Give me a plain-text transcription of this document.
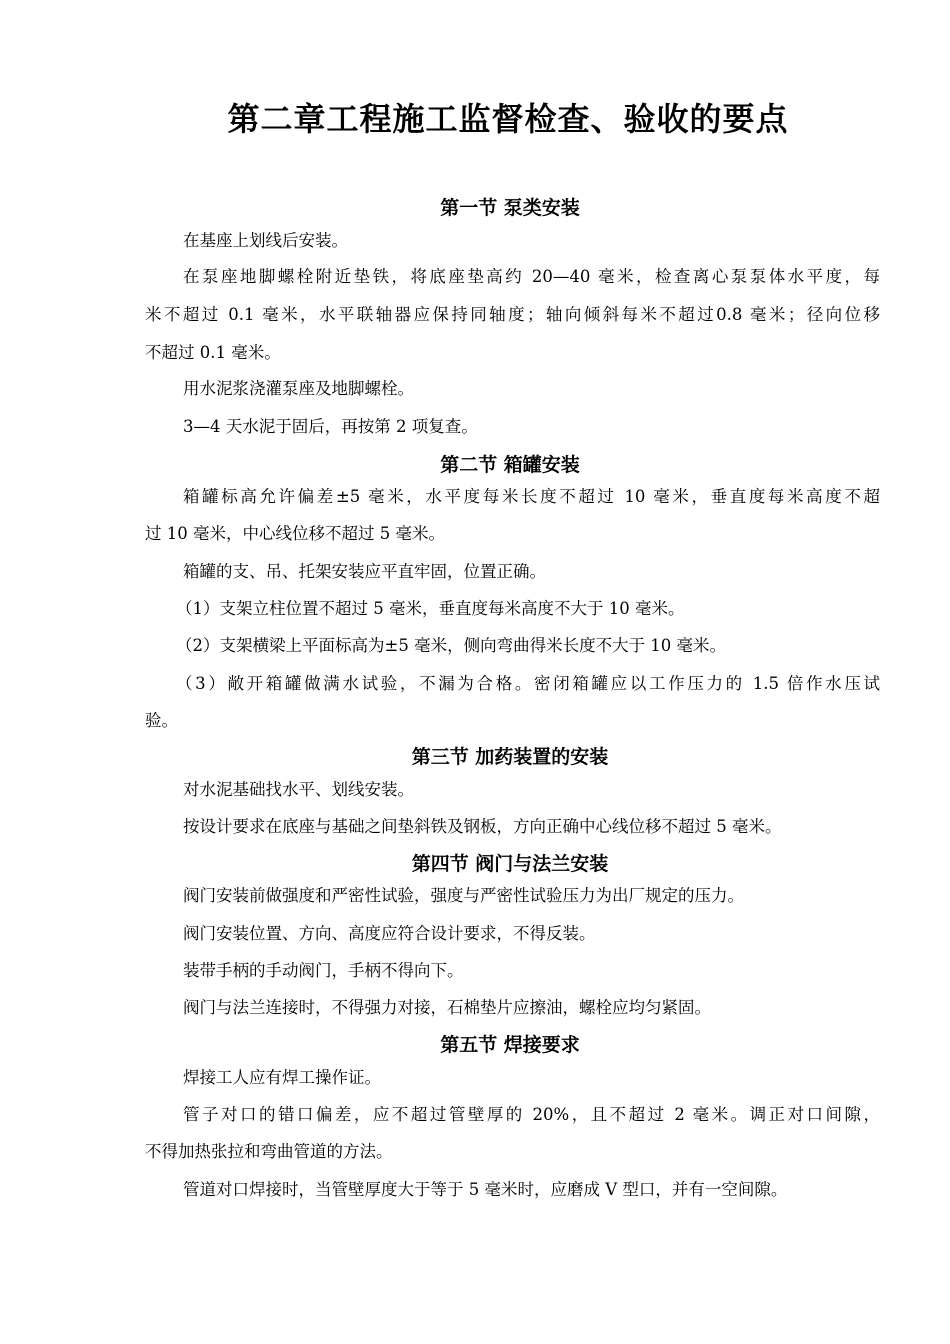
第二章工程施工监督检查、验收的要点
第一节 泵类安装
在基座上划线后安装。
在泵座地脚螺栓附近垫铁，将底座垫高约 20—40 毫米，检查离心泵泵体水平度，每
米不超过 0.1 毫米，水平联轴器应保持同轴度；轴向倾斜每米不超过0.8 毫米；径向位移
不超过 0.1 毫米。
用水泥浆浇灌泵座及地脚螺栓。
3—4 天水泥于固后，再按第 2 项复查。
第二节 箱罐安装
箱罐标高允许偏差±5 毫米，水平度每米长度不超过 10 毫米，垂直度每米高度不超
过 10 毫米，中心线位移不超过 5 毫米。
箱罐的支、吊、托架安装应平直牢固，位置正确。
（1）支架立柱位置不超过 5 毫米，垂直度每米高度不大于 10 毫米。
（2）支架横梁上平面标高为±5 毫米，侧向弯曲得米长度不大于 10 毫米。
（3）敞开箱罐做满水试验，不漏为合格。密闭箱罐应以工作压力的 1.5 倍作水压试
验。
第三节 加药装置的安装
对水泥基础找水平、划线安装。
按设计要求在底座与基础之间垫斜铁及钢板，方向正确中心线位移不超过 5 毫米。
第四节 阀门与法兰安装
阀门安装前做强度和严密性试验，强度与严密性试验压力为出厂规定的压力。
阀门安装位置、方向、高度应符合设计要求，不得反装。
装带手柄的手动阀门，手柄不得向下。
阀门与法兰连接时，不得强力对接，石棉垫片应擦油，螺栓应均匀紧固。
第五节 焊接要求
焊接工人应有焊工操作证。
管子对口的错口偏差，应不超过管壁厚的 20%，且不超过 2 毫米。调正对口间隙，
不得加热张拉和弯曲管道的方法。
管道对口焊接时，当管壁厚度大于等于 5 毫米时，应磨成 V 型口，并有一空间隙。
